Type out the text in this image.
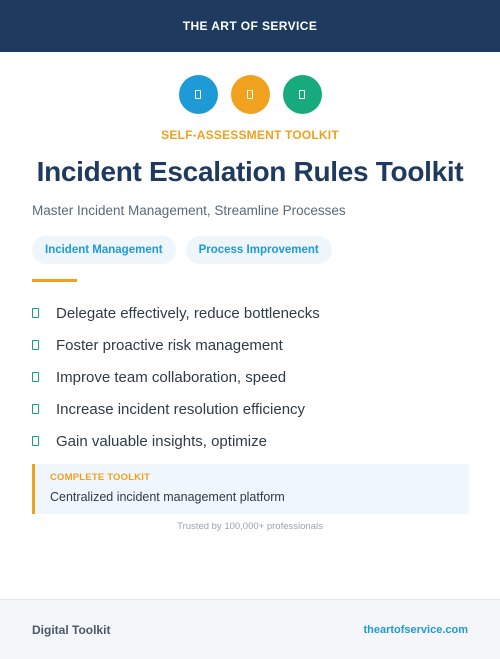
THE ART OF SERVICE
SELF-ASSESSMENT TOOLKIT
Incident Escalation Rules Toolkit
Master Incident Management, Streamline Processes
Incident Management	Process Improvement
Delegate effectively, reduce bottlenecks
Foster proactive risk management
Improve team collaboration, speed
Increase incident resolution efficiency
Gain valuable insights, optimize
COMPLETE TOOLKIT
Centralized incident management platform
Trusted by 100,000+ professionals
Digital Toolkit	theartofservice.com
